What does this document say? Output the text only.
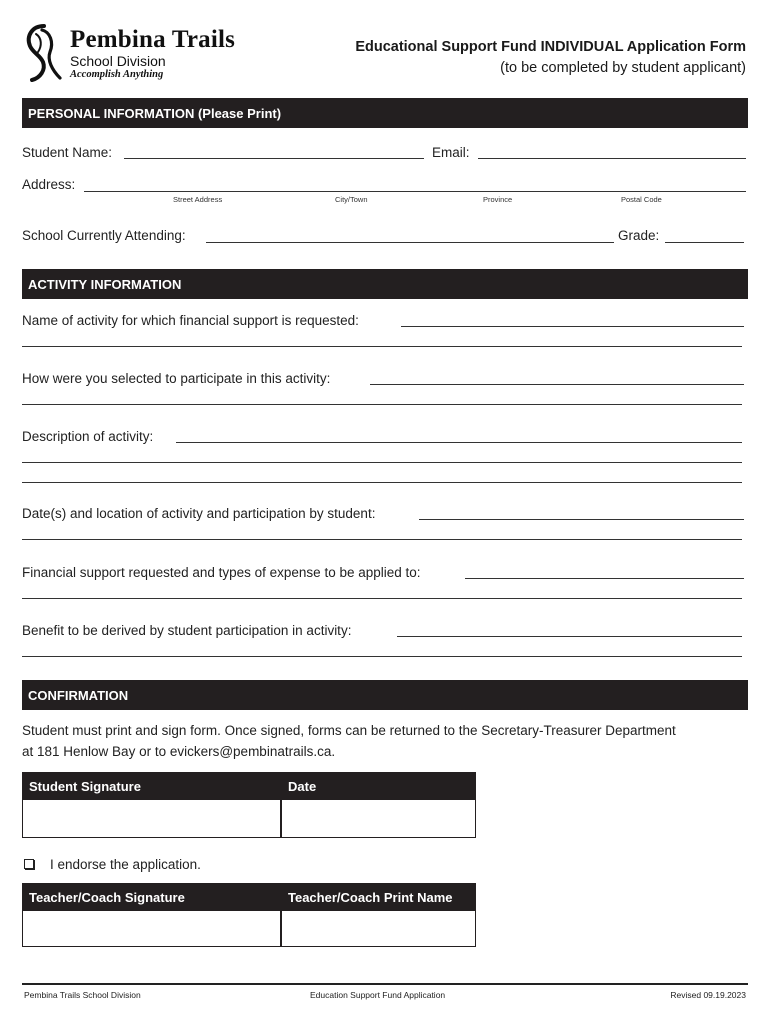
Pembina Trails
School Division
Accomplish Anything
Educational Support Fund INDIVIDUAL Application Form
(to be completed by student applicant)
PERSONAL INFORMATION (Please Print)
Student Name:	Email:
Address:
Street Address	City/Town	Province	Postal Code
School Currently Attending:	Grade:
ACTIVITY INFORMATION
Name of activity for which financial support is requested:
How were you selected to participate in this activity:
Description of activity:
Date(s) and location of activity and participation by student:
Financial support requested and types of expense to be applied to:
Benefit to be derived by student participation in activity:
CONFIRMATION
Student must print and sign form. Once signed, forms can be returned to the Secretary-Treasurer Department
at 181 Henlow Bay or to evickers@pembinatrails.ca.
Student Signature	Date
I endorse the application.
Teacher/Coach Signature	Teacher/Coach Print Name
Pembina Trails School Division	Education Support Fund Application	Revised 09.19.2023
